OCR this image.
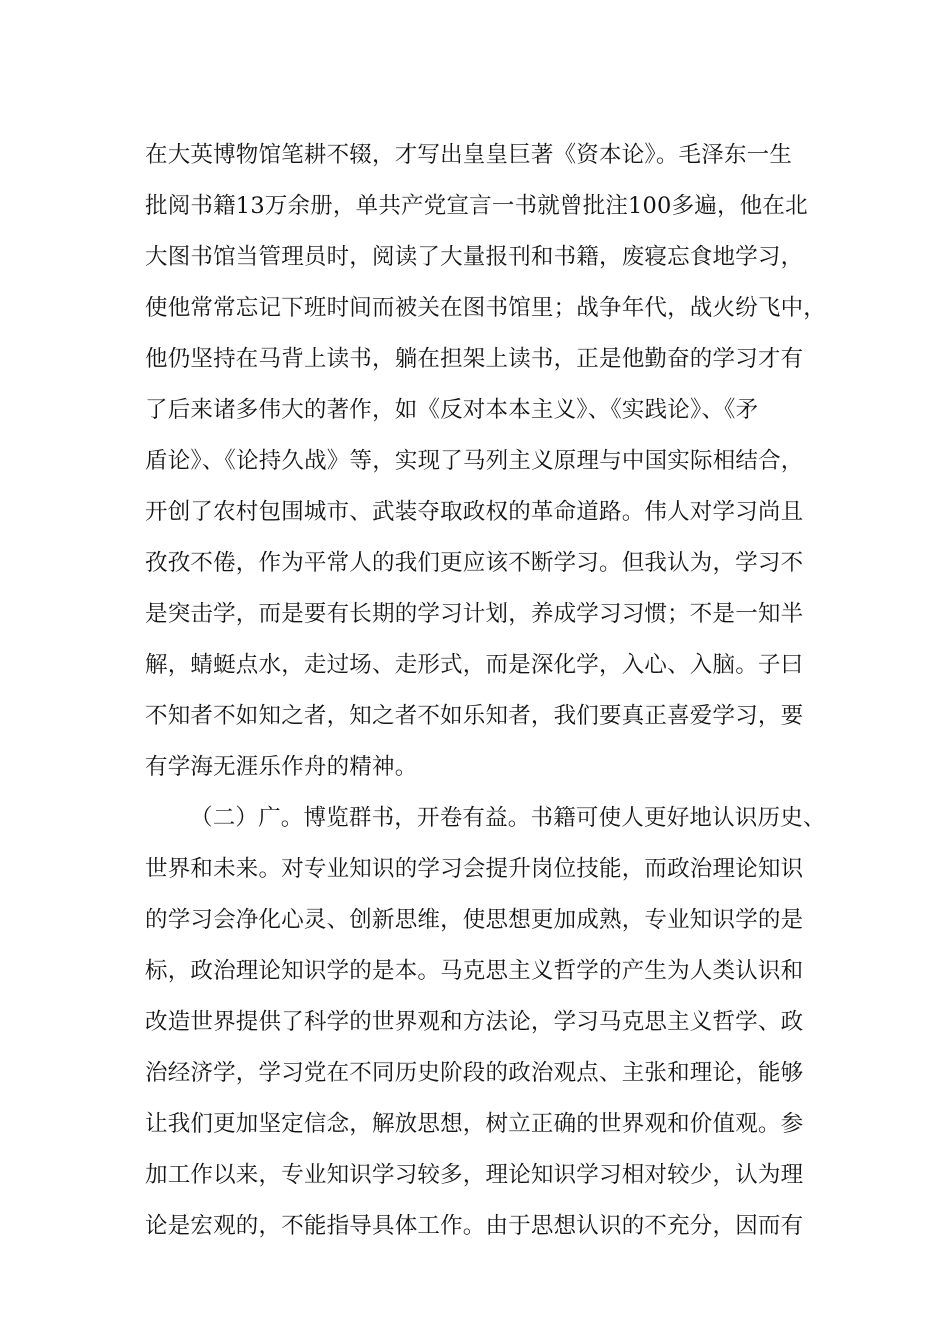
在大英博物馆笔耕不辍，才写出皇皇巨著《资本论》。毛泽东一生
批阅书籍13万余册，单共产党宣言一书就曾批注100多遍，他在北
大图书馆当管理员时，阅读了大量报刊和书籍，废寝忘食地学习，
使他常常忘记下班时间而被关在图书馆里；战争年代，战火纷飞中，
他仍坚持在马背上读书，躺在担架上读书，正是他勤奋的学习才有
了后来诸多伟大的著作，如《反对本本主义》、《实践论》、《矛
盾论》、《论持久战》等，实现了马列主义原理与中国实际相结合，
开创了农村包围城市、武装夺取政权的革命道路。伟人对学习尚且
孜孜不倦，作为平常人的我们更应该不断学习。但我认为，学习不
是突击学，而是要有长期的学习计划，养成学习习惯；不是一知半
解，蜻蜓点水，走过场、走形式，而是深化学，入心、入脑。子曰
不知者不如知之者，知之者不如乐知者，我们要真正喜爱学习，要
有学海无涯乐作舟的精神。
（二）广。博览群书，开卷有益。书籍可使人更好地认识历史、
世界和未来。对专业知识的学习会提升岗位技能，而政治理论知识
的学习会净化心灵、创新思维，使思想更加成熟，专业知识学的是
标，政治理论知识学的是本。马克思主义哲学的产生为人类认识和
改造世界提供了科学的世界观和方法论，学习马克思主义哲学、政
治经济学，学习党在不同历史阶段的政治观点、主张和理论，能够
让我们更加坚定信念，解放思想，树立正确的世界观和价值观。参
加工作以来，专业知识学习较多，理论知识学习相对较少，认为理
论是宏观的，不能指导具体工作。由于思想认识的不充分，因而有
